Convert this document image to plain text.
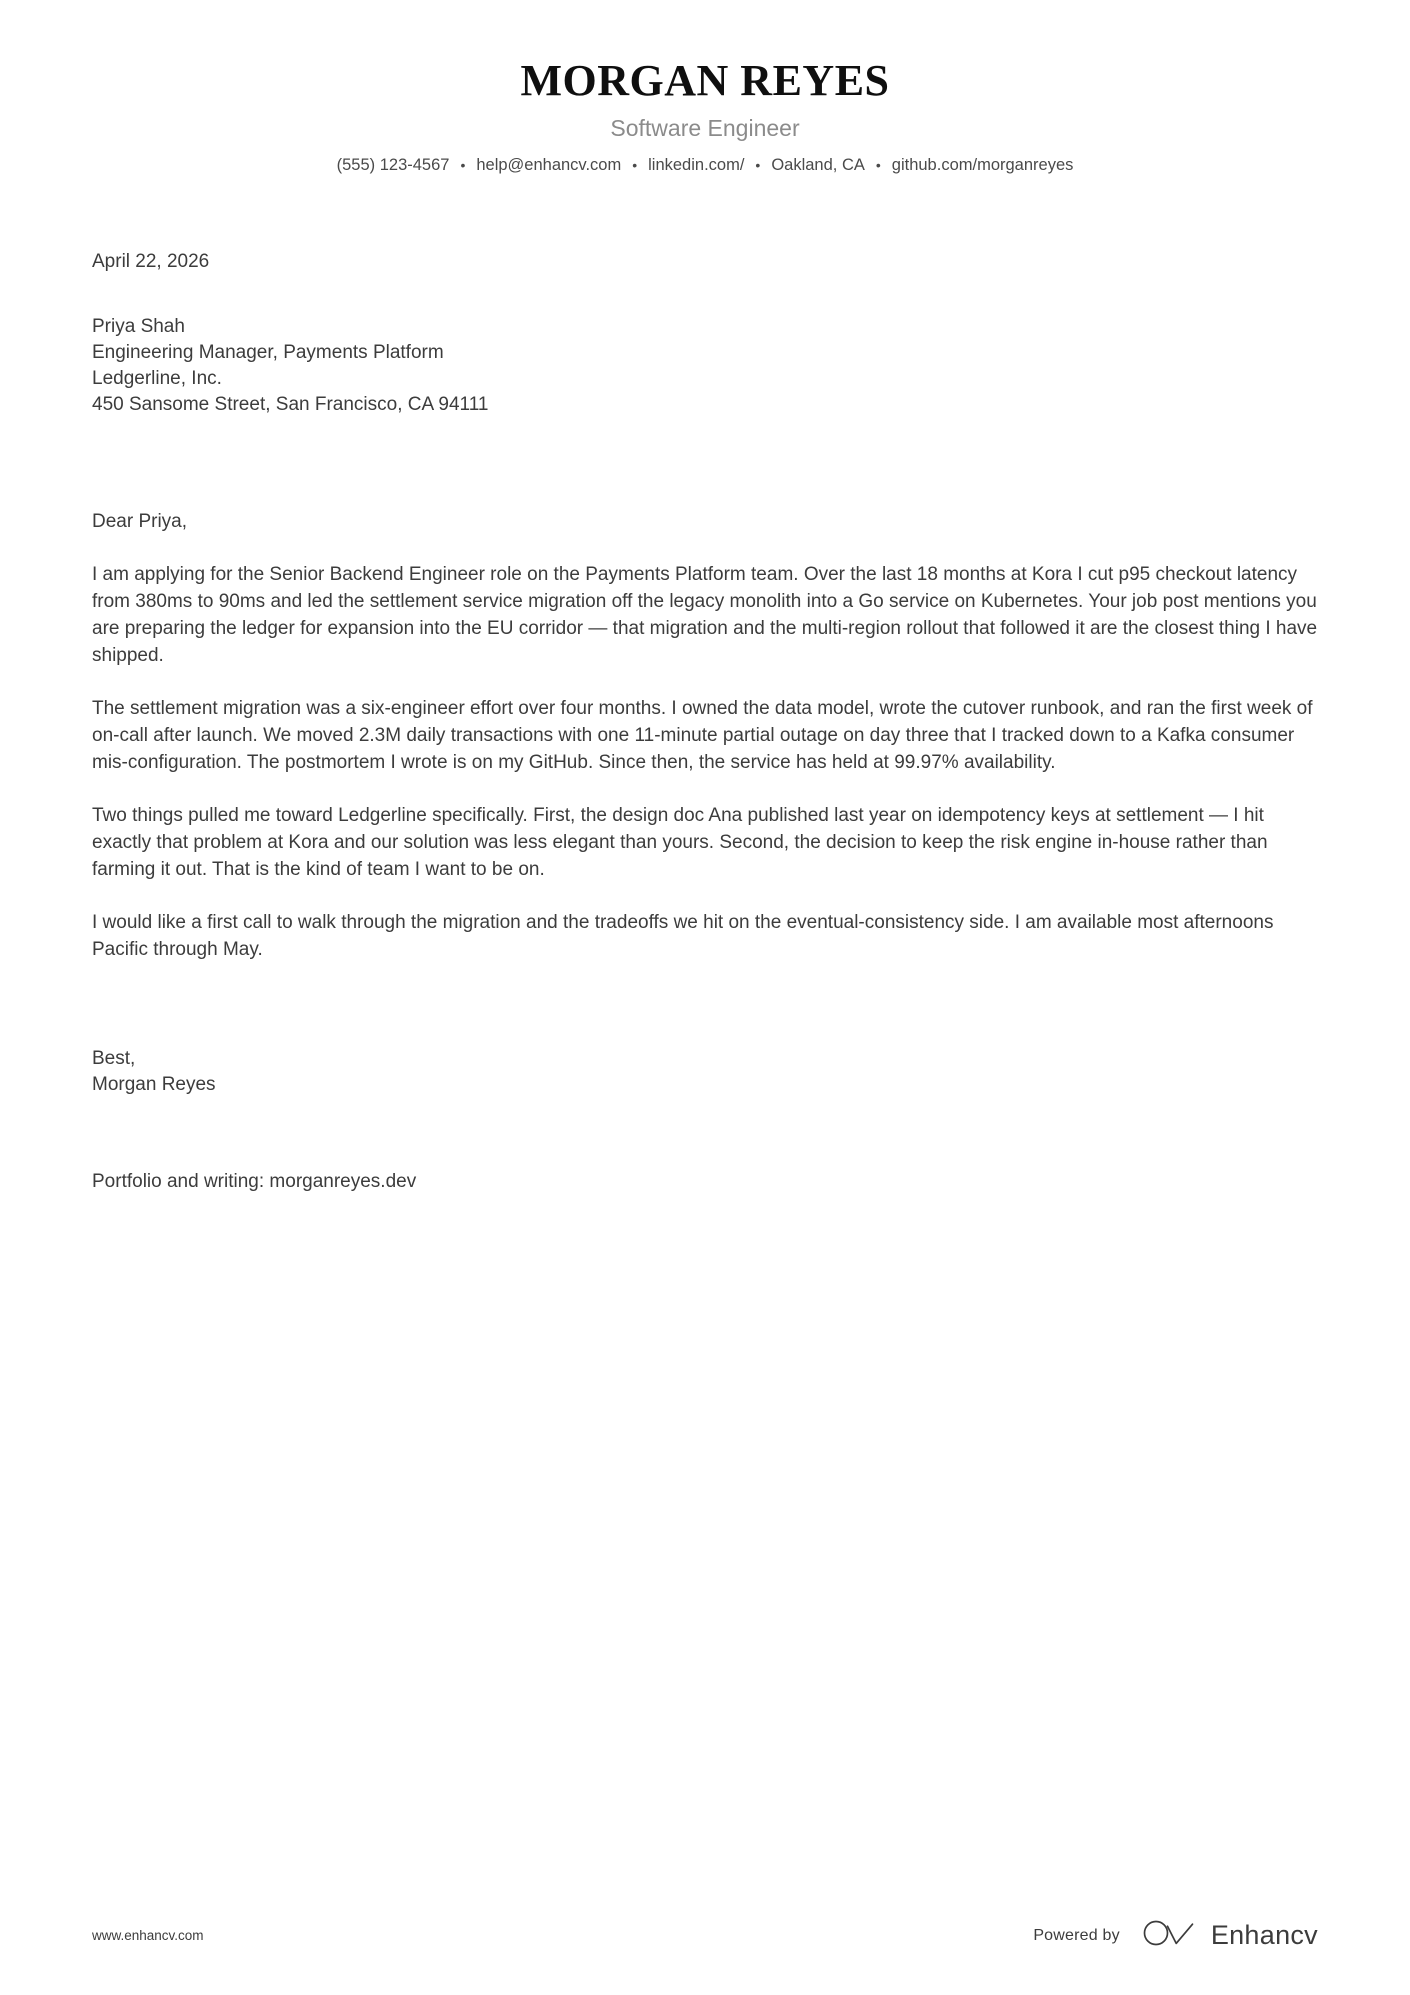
MORGAN REYES
Software Engineer
(555) 123-4567 • help@enhancv.com • linkedin.com/ • Oakland, CA • github.com/morganreyes
April 22, 2026
Priya Shah
Engineering Manager, Payments Platform
Ledgerline, Inc.
450 Sansome Street, San Francisco, CA 94111
Dear Priya,

I am applying for the Senior Backend Engineer role on the Payments Platform team. Over the last 18 months at Kora I cut p95 checkout latency from 380ms to 90ms and led the settlement service migration off the legacy monolith into a Go service on Kubernetes. Your job post mentions you are preparing the ledger for expansion into the EU corridor — that migration and the multi-region rollout that followed it are the closest thing I have shipped.

The settlement migration was a six-engineer effort over four months. I owned the data model, wrote the cutover runbook, and ran the first week of on-call after launch. We moved 2.3M daily transactions with one 11-minute partial outage on day three that I tracked down to a Kafka consumer mis-configuration. The postmortem I wrote is on my GitHub. Since then, the service has held at 99.97% availability.

Two things pulled me toward Ledgerline specifically. First, the design doc Ana published last year on idempotency keys at settlement — I hit exactly that problem at Kora and our solution was less elegant than yours. Second, the decision to keep the risk engine in-house rather than farming it out. That is the kind of team I want to be on.

I would like a first call to walk through the migration and the tradeoffs we hit on the eventual-consistency side. I am available most afternoons Pacific through May.

Best,
Morgan Reyes
Portfolio and writing: morganreyes.dev
www.enhancv.com	Powered by	Enhancv
